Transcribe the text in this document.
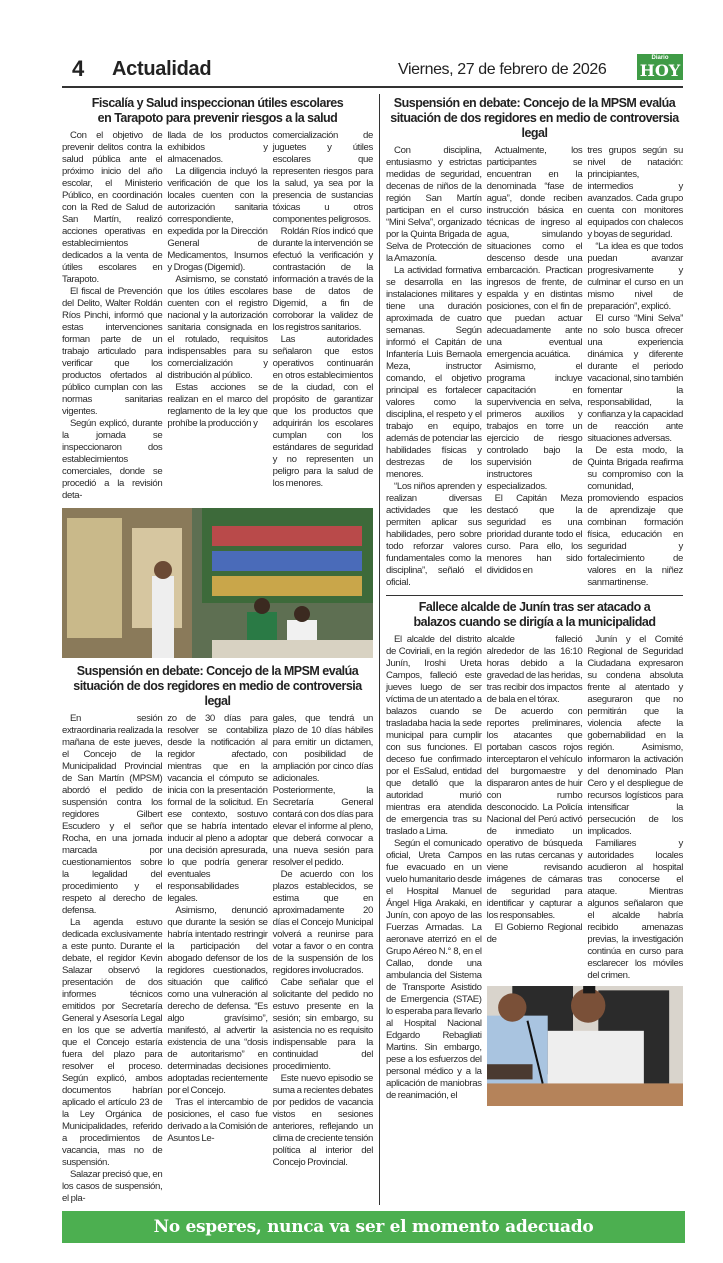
4 Actualidad	Viernes, 27 de febrero de 2026
Diario
HOY
Fiscalía y Salud inspeccionan útiles escolares
en Tarapoto para prevenir riesgos a la salud

Con el objetivo de prevenir delitos contra la salud pública ante el próximo inicio del año escolar, el Ministerio Público, en coordinación con la Red de Salud de San Martín, realizó acciones operativas en establecimientos dedicados a la venta de útiles escolares en Tarapoto.

El fiscal de Prevención del Delito, Walter Roldán Ríos Pinchi, informó que estas intervenciones forman parte de un trabajo articulado para verificar que los productos ofertados al público cumplan con las normas sanitarias vigentes.

Según explicó, durante la jornada se inspeccionaron dos establecimientos comerciales, donde se procedió a la revisión deta-

llada de los productos exhibidos y almacenados.

La diligencia incluyó la verificación de que los locales cuenten con la autorización sanitaria correspondiente, expedida por la Dirección General de Medicamentos, Insumos y Drogas (Digemid).

Asimismo, se constató que los útiles escolares cuenten con el registro nacional y la autorización sanitaria consignada en el rotulado, requisitos indispensables para su comercialización y distribución al público.

Estas acciones se realizan en el marco del reglamento de la ley que prohíbe la producción y

comercialización de juguetes y útiles escolares que representen riesgos para la salud, ya sea por la presencia de sustancias tóxicas u otros componentes peligrosos.

Roldán Ríos indicó que durante la intervención se efectuó la verificación y contrastación de la información a través de la base de datos de Digemid, a fin de corroborar la validez de los registros sanitarios.

Las autoridades señalaron que estos operativos continuarán en otros establecimientos de la ciudad, con el propósito de garantizar que los productos que adquirirán los escolares cumplan con los estándares de seguridad y no representen un peligro para la salud de los menores.

Suspensión en debate: Concejo de la MPSM evalúa
situación de dos regidores en medio de controversia legal

En sesión extraordinaria realizada la mañana de este jueves, el Concejo de la Municipalidad Provincial de San Martín (MPSM) abordó el pedido de suspensión contra los regidores Gilbert Escudero y el señor Rocha, en una jornada marcada por cuestionamientos sobre la legalidad del procedimiento y el respeto al derecho de defensa.

La agenda estuvo dedicada exclusivamente a este punto. Durante el debate, el regidor Kevin Salazar observó la presentación de dos informes técnicos emitidos por Secretaría General y Asesoría Legal en los que se advertía que el Concejo estaría fuera del plazo para resolver el proceso. Según explicó, ambos documentos habrían aplicado el artículo 23 de la Ley Orgánica de Municipalidades, referido a procedimientos de vacancia, mas no de suspensión.

Salazar precisó que, en los casos de suspensión, el pla-

zo de 30 días para resolver se contabiliza desde la notificación al regidor afectado, mientras que en la vacancia el cómputo se inicia con la presentación formal de la solicitud. En ese contexto, sostuvo que se habría intentado inducir al pleno a adoptar una decisión apresurada, lo que podría generar eventuales responsabilidades legales.

Asimismo, denunció que durante la sesión se habría intentado restringir la participación del abogado defensor de los regidores cuestionados, situación que calificó como una vulneración al derecho de defensa. “Es algo gravísimo”, manifestó, al advertir la existencia de una “dosis de autoritarismo” en determinadas decisiones adoptadas recientemente por el Concejo.

Tras el intercambio de posiciones, el caso fue derivado a la Comisión de Asuntos Le-

gales, que tendrá un plazo de 10 días hábiles para emitir un dictamen, con posibilidad de ampliación por cinco días adicionales. Posteriormente, la Secretaría General contará con dos días para elevar el informe al pleno, que deberá convocar a una nueva sesión para resolver el pedido.

De acuerdo con los plazos establecidos, se estima que en aproximadamente 20 días el Concejo Municipal volverá a reunirse para votar a favor o en contra de la suspensión de los regidores involucrados.

Cabe señalar que el solicitante del pedido no estuvo presente en la sesión; sin embargo, su asistencia no es requisito indispensable para la continuidad del procedimiento.

Este nuevo episodio se suma a recientes debates por pedidos de vacancia vistos en sesiones anteriores, reflejando un clima de creciente tensión política al interior del Concejo Provincial.

Suspensión en debate: Concejo de la MPSM evalúa
situación de dos regidores en medio de controversia legal

Con disciplina, entusiasmo y estrictas medidas de seguridad, decenas de niños de la región San Martín participan en el curso “Mini Selva”, organizado por la Quinta Brigada de Selva de Protección de la Amazonía.

La actividad formativa se desarrolla en las instalaciones militares y tiene una duración aproximada de cuatro semanas. Según informó el Capitán de Infantería Luis Bernaola Meza, instructor comando, el objetivo principal es fortalecer valores como la disciplina, el respeto y el trabajo en equipo, además de potenciar las habilidades físicas y destrezas de los menores.

“Los niños aprenden y realizan diversas actividades que les permiten aplicar sus habilidades, pero sobre todo reforzar valores fundamentales como la disciplina”, señaló el oficial.

Actualmente, los participantes se encuentran en la denominada “fase de agua”, donde reciben instrucción básica en técnicas de ingreso al agua, simulando situaciones como el descenso desde una embarcación. Practican ingresos de frente, de espalda y en distintas posiciones, con el fin de que puedan actuar adecuadamente ante una eventual emergencia acuática.

Asimismo, el programa incluye capacitación en supervivencia en selva, primeros auxilios y trabajos en torre un ejercicio de riesgo controlado bajo la supervisión de instructores especializados.

El Capitán Meza destacó que la seguridad es una prioridad durante todo el curso. Para ello, los menores han sido divididos en

tres grupos según su nivel de natación: principiantes, intermedios y avanzados. Cada grupo cuenta con monitores equipados con chalecos y boyas de seguridad.

“La idea es que todos puedan avanzar progresivamente y culminar el curso en un mismo nivel de preparación”, explicó.

El curso “Mini Selva” no solo busca ofrecer una experiencia dinámica y diferente durante el periodo vacacional, sino también fomentar la responsabilidad, la confianza y la capacidad de reacción ante situaciones adversas.

De esta modo, la Quinta Brigada reafirma su compromiso con la comunidad, promoviendo espacios de aprendizaje que combinan formación física, educación en seguridad y fortalecimiento de valores en la niñez sanmartinense.

Fallece alcalde de Junín tras ser atacado a
balazos cuando se dirigía a la municipalidad

El alcalde del distrito de Coviriali, en la región Junín, Iroshi Ureta Campos, falleció este jueves luego de ser víctima de un atentado a balazos cuando se trasladaba hacia la sede municipal para cumplir con sus funciones. El deceso fue confirmado por el EsSalud, entidad que detalló que la autoridad murió mientras era atendida de emergencia tras su traslado a Lima.

Según el comunicado oficial, Ureta Campos fue evacuado en un vuelo humanitario desde el Hospital Manuel Ángel Higa Arakaki, en Junín, con apoyo de las Fuerzas Armadas. La aeronave aterrizó en el Grupo Aéreo N.° 8, en el Callao, donde una ambulancia del Sistema de Transporte Asistido de Emergencia (STAE) lo esperaba para llevarlo al Hospital Nacional Edgardo Rebagliati Martins. Sin embargo, pese a los esfuerzos del personal médico y a la aplicación de maniobras de reanimación, el

alcalde falleció alrededor de las 16:10 horas debido a la gravedad de las heridas, tras recibir dos impactos de bala en el tórax.

De acuerdo con reportes preliminares, los atacantes que portaban cascos rojos interceptaron el vehículo del burgomaestre y dispararon antes de huir con rumbo desconocido. La Policía Nacional del Perú activó de inmediato un operativo de búsqueda en las rutas cercanas y viene revisando imágenes de cámaras de seguridad para identificar y capturar a los responsables.

El Gobierno Regional de

Junín y el Comité Regional de Seguridad Ciudadana expresaron su condena absoluta frente al atentado y aseguraron que no permitirán que la violencia afecte la gobernabilidad en la región. Asimismo, informaron la activación del denominado Plan Cero y el despliegue de recursos logísticos para intensificar la persecución de los implicados.

Familiares y autoridades locales acudieron al hospital tras conocerse el ataque. Mientras algunos señalaron que el alcalde habría recibido amenazas previas, la investigación continúa en curso para esclarecer los móviles del crimen.

No esperes, nunca va ser el momento adecuado
